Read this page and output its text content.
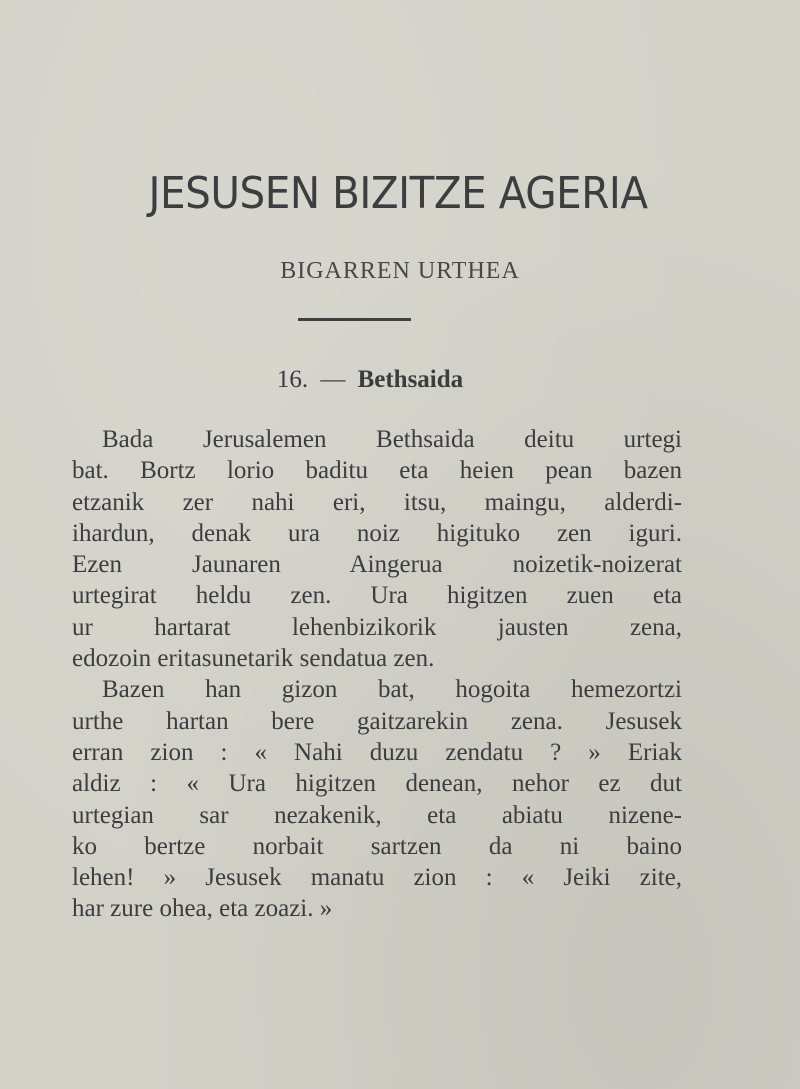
JESUSEN BIZITZE AGERIA
BIGARREN URTHEA
16. — Bethsaida
Bada Jerusalemen Bethsaida deitu urtegi
bat. Bortz lorio baditu eta heien pean bazen
etzanik zer nahi eri, itsu, maingu, alderdi-
ihardun, denak ura noiz higituko zen iguri.
Ezen Jaunaren Aingerua noizetik-noizerat
urtegirat heldu zen. Ura higitzen zuen eta
ur hartarat lehenbizikorik jausten zena,
edozoin eritasunetarik sendatua zen.
Bazen han gizon bat, hogoita hemezortzi
urthe hartan bere gaitzarekin zena. Jesusek
erran zion : « Nahi duzu zendatu ? » Eriak
aldiz : « Ura higitzen denean, nehor ez dut
urtegian sar nezakenik, eta abiatu nizene-
ko bertze norbait sartzen da ni baino
lehen! » Jesusek manatu zion : « Jeiki zite,
har zure ohea, eta zoazi. »
